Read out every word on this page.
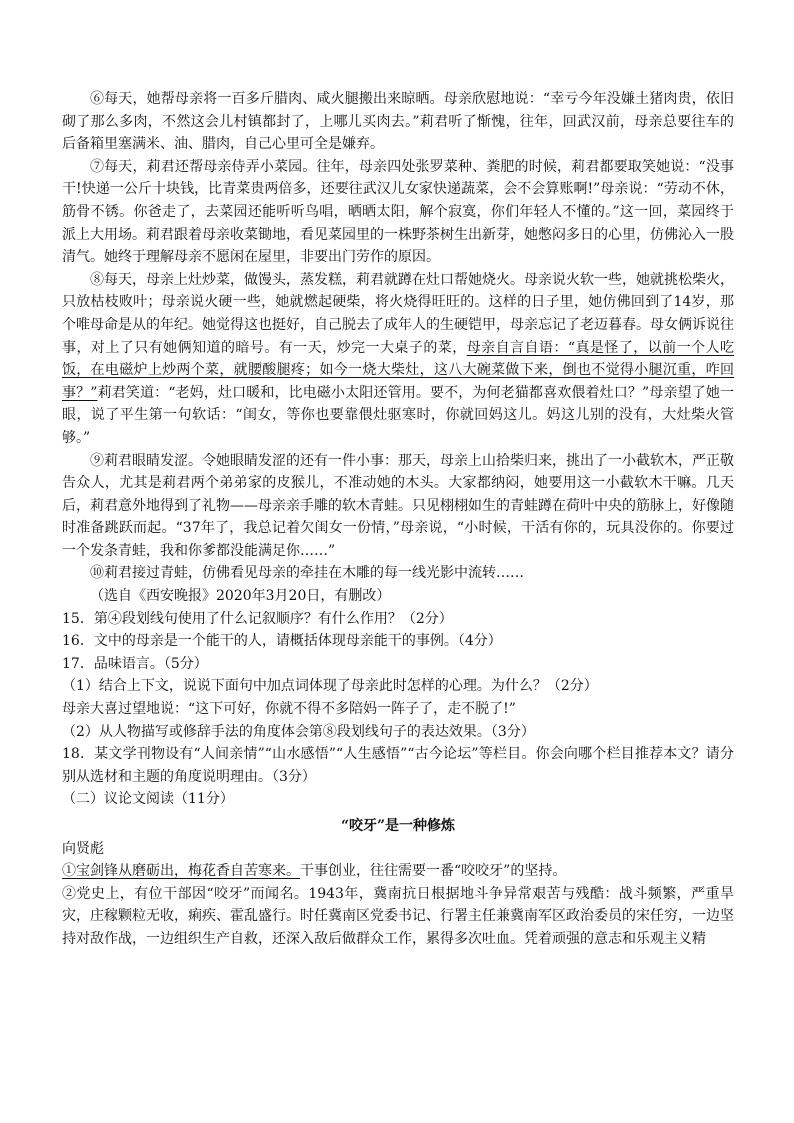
⑥每天，她帮母亲将一百多斤腊肉、咸火腿搬出来晾晒。母亲欣慰地说：“幸亏今年没嫌土猪肉贵，依旧砌了那么多肉，不然这会儿村镇都封了，上哪儿买肉去。”莉君听了惭愧，往年，回武汉前，母亲总要往车的后备箱里塞满米、油、腊肉，自己心里可全是嫌弃。

⑦每天，莉君还帮母亲侍弄小菜园。往年，母亲四处张罗菜种、粪肥的时候，莉君都要取笑她说：“没事干!快递一公斤十块钱，比青菜贵两倍多，还要往武汉儿女家快递蔬菜，会不会算账啊!”母亲说：“劳动不休，筋骨不锈。你爸走了，去菜园还能听听鸟唱，晒晒太阳，解个寂寞，你们年轻人不懂的。”这一回，菜园终于派上大用场。莉君跟着母亲收菜锄地，看见菜园里的一株野茶树生出新芽，她憋闷多日的心里，仿佛沁入一股清气。她终于理解母亲不愿闲在屋里，非要出门劳作的原因。

⑧每天，母亲上灶炒菜，做馒头，蒸发糕，莉君就蹲在灶口帮她烧火。母亲说火软一些，她就挑松柴火，只放枯枝败叶；母亲说火硬一些，她就燃起硬柴，将火烧得旺旺的。这样的日子里，她仿佛回到了14岁，那个唯母命是从的年纪。她觉得这也挺好，自己脱去了成年人的生硬铠甲，母亲忘记了老迈暮春。母女俩诉说往事，对上了只有她俩知道的暗号。有一天，炒完一大桌子的菜，母亲自言自语：“真是怪了，以前一个人吃饭，在电磁炉上炒两个菜，就腰酸腿疼；如今一烧大柴灶，这八大碗菜做下来，倒也不觉得小腿沉重，咋回事？”莉君笑道：“老妈，灶口暖和，比电磁小太阳还管用。要不，为何老猫都喜欢偎着灶口？”母亲望了她一眼，说了平生第一句软话：“闺女，等你也要靠偎灶驱寒时，你就回妈这儿。妈这儿别的没有，大灶柴火管够。”

⑨莉君眼睛发涩。令她眼睛发涩的还有一件小事：那天，母亲上山拾柴归来，挑出了一小截软木，严正敬告众人，尤其是莉君两个弟弟家的皮猴儿，不准动她的木头。大家都纳闷，她要用这一小截软木干嘛。几天后，莉君意外地得到了礼物——母亲亲手雕的软木青蛙。只见栩栩如生的青蛙蹲在荷叶中央的筋脉上，好像随时准备跳跃而起。“37年了，我总记着欠闺女一份情，”母亲说，“小时候，干活有你的，玩具没你的。你要过一个发条青蛙，我和你爹都没能满足你……”

⑩莉君接过青蛙，仿佛看见母亲的牵挂在木雕的每一线光影中流转……

（选自《西安晚报》2020年3月20日，有删改）

15．第④段划线句使用了什么记叙顺序？有什么作用？（2分）

16．文中的母亲是一个能干的人，请概括体现母亲能干的事例。（4分）

17．品味语言。（5分）

（1）结合上下文，说说下面句中加点词体现了母亲此时怎样的心理。为什么？（2分）

母亲大喜过望地说：“这下可好，你就不得不多陪妈一阵子了，走不脱了!”

（2）从人物描写或修辞手法的角度体会第⑧段划线句子的表达效果。（3分）

18．某文学刊物设有“人间亲情”“山水感悟”“人生感悟”“古今论坛”等栏目。你会向哪个栏目推荐本文？请分别从选材和主题的角度说明理由。（3分）

（二）议论文阅读（11分）

“咬牙”是一种修炼

向贤彪

①宝剑锋从磨砺出，梅花香自苦寒来。干事创业，往往需要一番“咬咬牙”的坚持。

②党史上，有位干部因“咬牙”而闻名。1943年，冀南抗日根据地斗争异常艰苦与残酷：战斗频繁，严重旱灾，庄稼颗粒无收，痢疾、霍乱盛行。时任冀南区党委书记、行署主任兼冀南军区政治委员的宋任穷，一边坚持对敌作战，一边组织生产自救，还深入敌后做群众工作，累得多次吐血。凭着顽强的意志和乐观主义精
